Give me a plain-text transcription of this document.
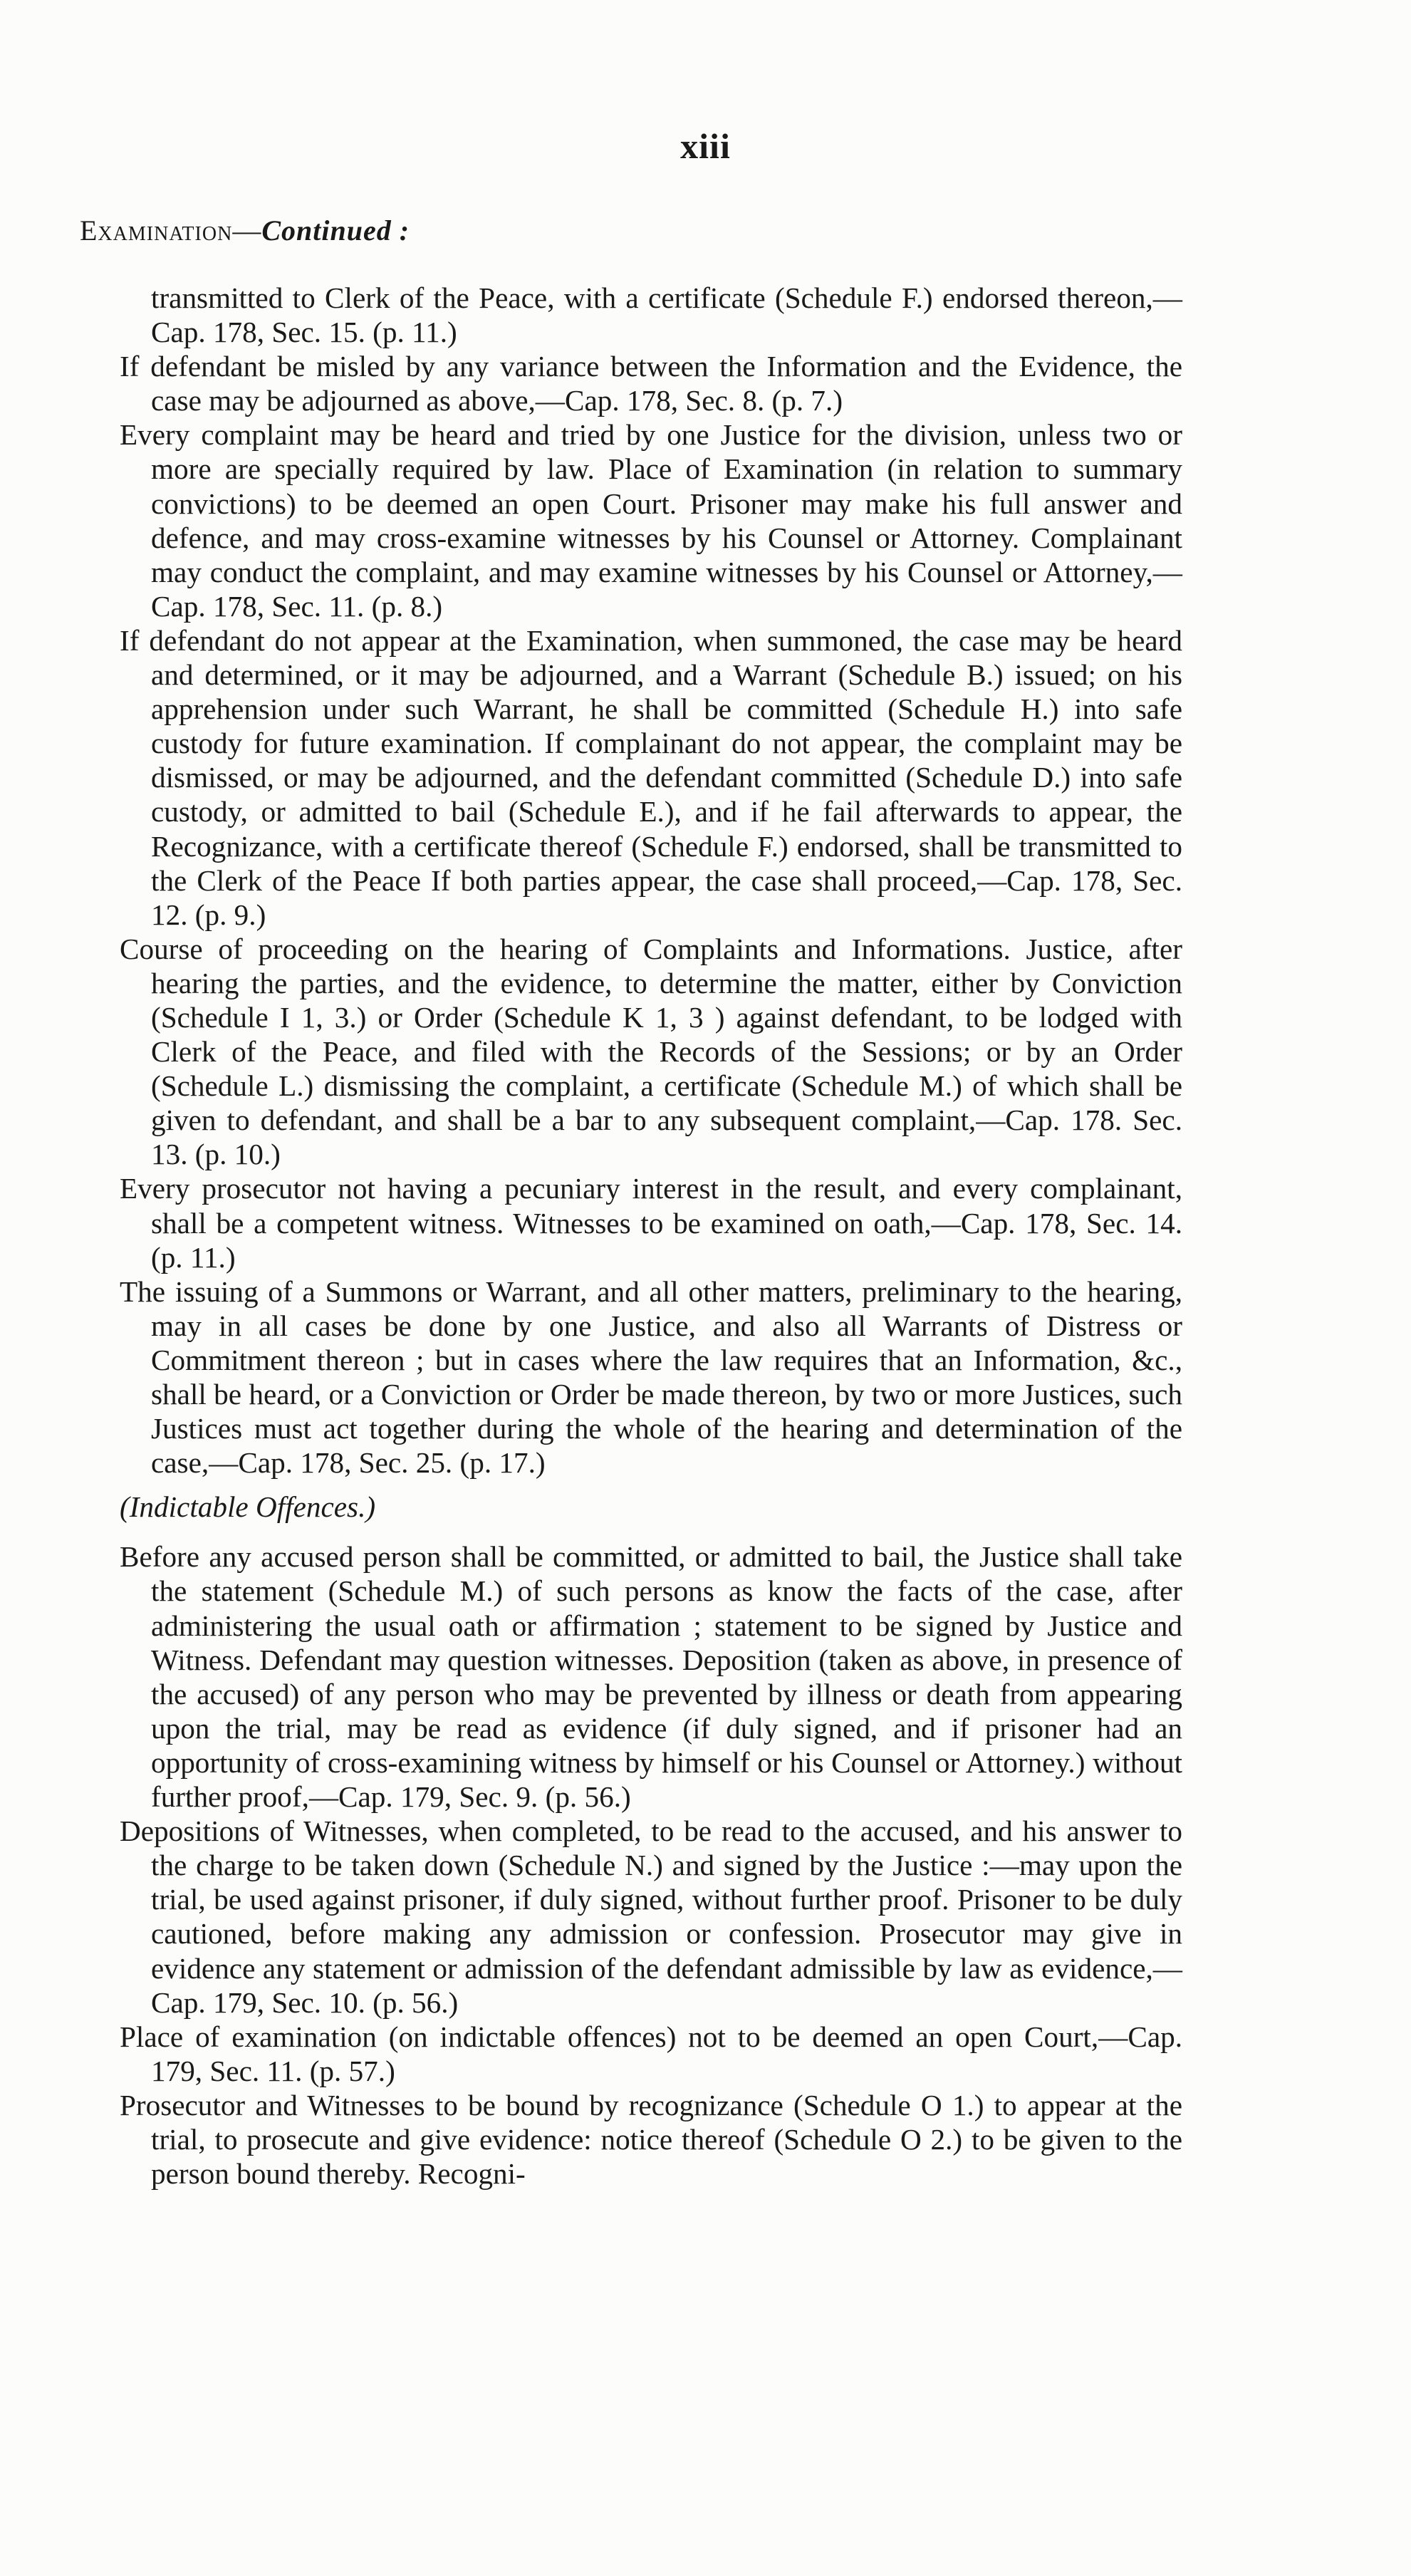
xiii
Examination—Continued :

transmitted to Clerk of the Peace, with a certificate (Schedule F.) endorsed thereon,—Cap. 178, Sec. 15. (p. 11.)

If defendant be misled by any variance between the Information and the Evidence, the case may be adjourned as above,—Cap. 178, Sec. 8. (p. 7.)

Every complaint may be heard and tried by one Justice for the division, unless two or more are specially required by law. Place of Examination (in relation to summary convictions) to be deemed an open Court. Prisoner may make his full answer and defence, and may cross-examine witnesses by his Counsel or Attorney. Complainant may conduct the complaint, and may examine witnesses by his Counsel or Attorney,—Cap. 178, Sec. 11. (p. 8.)

If defendant do not appear at the Examination, when summoned, the case may be heard and determined, or it may be adjourned, and a Warrant (Schedule B.) issued; on his apprehension under such Warrant, he shall be committed (Schedule H.) into safe custody for future examination. If complainant do not appear, the complaint may be dismissed, or may be adjourned, and the defendant committed (Schedule D.) into safe custody, or admitted to bail (Schedule E.), and if he fail afterwards to appear, the Recognizance, with a certificate thereof (Schedule F.) endorsed, shall be transmitted to the Clerk of the Peace If both parties appear, the case shall proceed,—Cap. 178, Sec. 12. (p. 9.)

Course of proceeding on the hearing of Complaints and Informations. Justice, after hearing the parties, and the evidence, to determine the matter, either by Conviction (Schedule I 1, 3.) or Order (Schedule K 1, 3 ) against defendant, to be lodged with Clerk of the Peace, and filed with the Records of the Sessions; or by an Order (Schedule L.) dismissing the complaint, a certificate (Schedule M.) of which shall be given to defendant, and shall be a bar to any subsequent complaint,—Cap. 178. Sec. 13. (p. 10.)

Every prosecutor not having a pecuniary interest in the result, and every complainant, shall be a competent witness. Witnesses to be examined on oath,—Cap. 178, Sec. 14. (p. 11.)

The issuing of a Summons or Warrant, and all other matters, preliminary to the hearing, may in all cases be done by one Justice, and also all Warrants of Distress or Commitment thereon ; but in cases where the law requires that an Information, &c., shall be heard, or a Conviction or Order be made thereon, by two or more Justices, such Justices must act together during the whole of the hearing and determination of the case,—Cap. 178, Sec. 25. (p. 17.)

(Indictable Offences.)

Before any accused person shall be committed, or admitted to bail, the Justice shall take the statement (Schedule M.) of such persons as know the facts of the case, after administering the usual oath or affirmation ; statement to be signed by Justice and Witness. Defendant may question witnesses. Deposition (taken as above, in presence of the accused) of any person who may be prevented by illness or death from appearing upon the trial, may be read as evidence (if duly signed, and if prisoner had an opportunity of cross-examining witness by himself or his Counsel or Attorney.) without further proof,—Cap. 179, Sec. 9. (p. 56.)

Depositions of Witnesses, when completed, to be read to the accused, and his answer to the charge to be taken down (Schedule N.) and signed by the Justice :—may upon the trial, be used against prisoner, if duly signed, without further proof. Prisoner to be duly cautioned, before making any admission or confession. Prosecutor may give in evidence any statement or admission of the defendant admissible by law as evidence,—Cap. 179, Sec. 10. (p. 56.)

Place of examination (on indictable offences) not to be deemed an open Court,—Cap. 179, Sec. 11. (p. 57.)

Prosecutor and Witnesses to be bound by recognizance (Schedule O 1.) to appear at the trial, to prosecute and give evidence: notice thereof (Schedule O 2.) to be given to the person bound thereby. Recogni-
